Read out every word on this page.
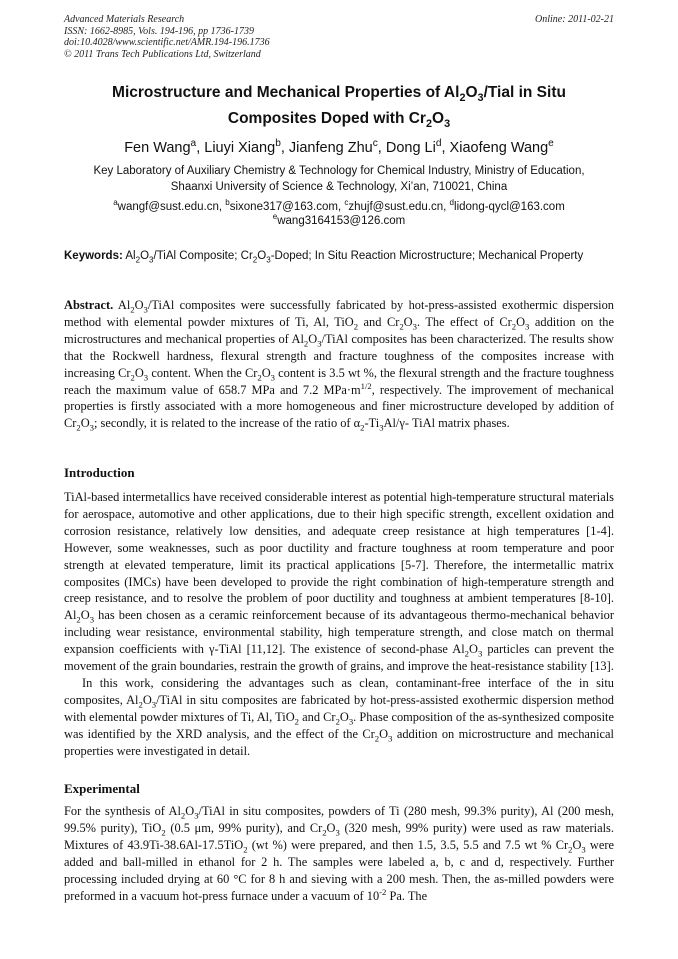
Advanced Materials Research
ISSN: 1662-8985, Vols. 194-196, pp 1736-1739
doi:10.4028/www.scientific.net/AMR.194-196.1736
© 2011 Trans Tech Publications Ltd, Switzerland
Online: 2011-02-21
Microstructure and Mechanical Properties of $Al_2O_3$/Tial in Situ
Composites Doped with $Cr_2O_3$
Fen Wang$^a$, Liuyi Xiang$^b$, Jianfeng Zhu$^c$, Dong Li$^d$, Xiaofeng Wang$^e$
Key Laboratory of Auxiliary Chemistry & Technology for Chemical Industry, Ministry of Education,
Shaanxi University of Science & Technology, Xi’an, 710021, China
$^a$wangf@sust.edu.cn, $^b$sixone317@163.com, $^c$zhujf@sust.edu.cn, $^d$lidong-qycl@163.com
$^e$wang3164153@126.com
Keywords: $Al_2O_3$/TiAl Composite; $Cr_2O_3$-Doped; In Situ Reaction Microstructure; Mechanical Property
Abstract. $Al_2O_3$/TiAl composites were successfully fabricated by hot-press-assisted exothermic dispersion method with elemental powder mixtures of Ti, Al, TiO$_2$ and $Cr_2O_3$. The effect of $Cr_2O_3$ addition on the microstructures and mechanical properties of $Al_2O_3$/TiAl composites has been characterized. The results show that the Rockwell hardness, flexural strength and fracture toughness of the composites increase with increasing $Cr_2O_3$ content. When the $Cr_2O_3$ content is 3.5 wt %, the flexural strength and the fracture toughness reach the maximum value of 658.7 MPa and 7.2 $MPa\cdot m^{1/2}$, respectively. The improvement of mechanical properties is firstly associated with a more homogeneous and finer microstructure developed by addition of $Cr_2O_3$; secondly, it is related to the increase of the ratio of $\alpha_2-Ti_3Al/\gamma-$ TiAl matrix phases.
Introduction

TiAl-based intermetallics have received considerable interest as potential high-temperature structural materials for aerospace, automotive and other applications, due to their high specific strength, excellent oxidation and corrosion resistance, relatively low densities, and adequate creep resistance at high temperatures [1-4]. However, some weaknesses, such as poor ductility and fracture toughness at room temperature and poor strength at elevated temperature, limit its practical applications [5-7]. Therefore, the intermetallic matrix composites (IMCs) have been developed to provide the right combination of high-temperature strength and creep resistance, and to resolve the problem of poor ductility and toughness at ambient temperatures [8-10]. $Al_2O_3$ has been chosen as a ceramic reinforcement because of its advantageous thermo-mechanical behavior including wear resistance, environmental stability, high temperature strength, and close match on thermal expansion coefficients with γ-TiAl [11,12]. The existence of second-phase $Al_2O_3$ particles can prevent the movement of the grain boundaries, restrain the growth of grains, and improve the heat-resistance stability [13].

In this work, considering the advantages such as clean, contaminant-free interface of the in situ composites, $Al_2O_3$/TiAl in situ composites are fabricated by hot-press-assisted exothermic dispersion method with elemental powder mixtures of Ti, Al, TiO$_2$ and $Cr_2O_3$. Phase composition of the as-synthesized composite was identified by the XRD analysis, and the effect of the $Cr_2O_3$ addition on microstructure and mechanical properties were investigated in detail.

Experimental
For the synthesis of $Al_2O_3$/TiAl in situ composites, powders of Ti (280 mesh, 99.3% purity), Al (200 mesh, 99.5% purity), TiO$_2$ (0.5 μm, 99% purity), and $Cr_2O_3$ (320 mesh, 99% purity) were used as raw materials. Mixtures of 43.9Ti-38.6Al-17.5TiO$_2$ (wt %) were prepared, and then 1.5, 3.5, 5.5 and 7.5 wt % $Cr_2O_3$ were added and ball-milled in ethanol for 2 h. The samples were labeled a, b, c and d, respectively. Further processing included drying at 60 °C for 8 h and sieving with a 200 mesh. Then, the as-milled powders were preformed in a vacuum hot-press furnace under a vacuum of $10^{-2}$ Pa. The
